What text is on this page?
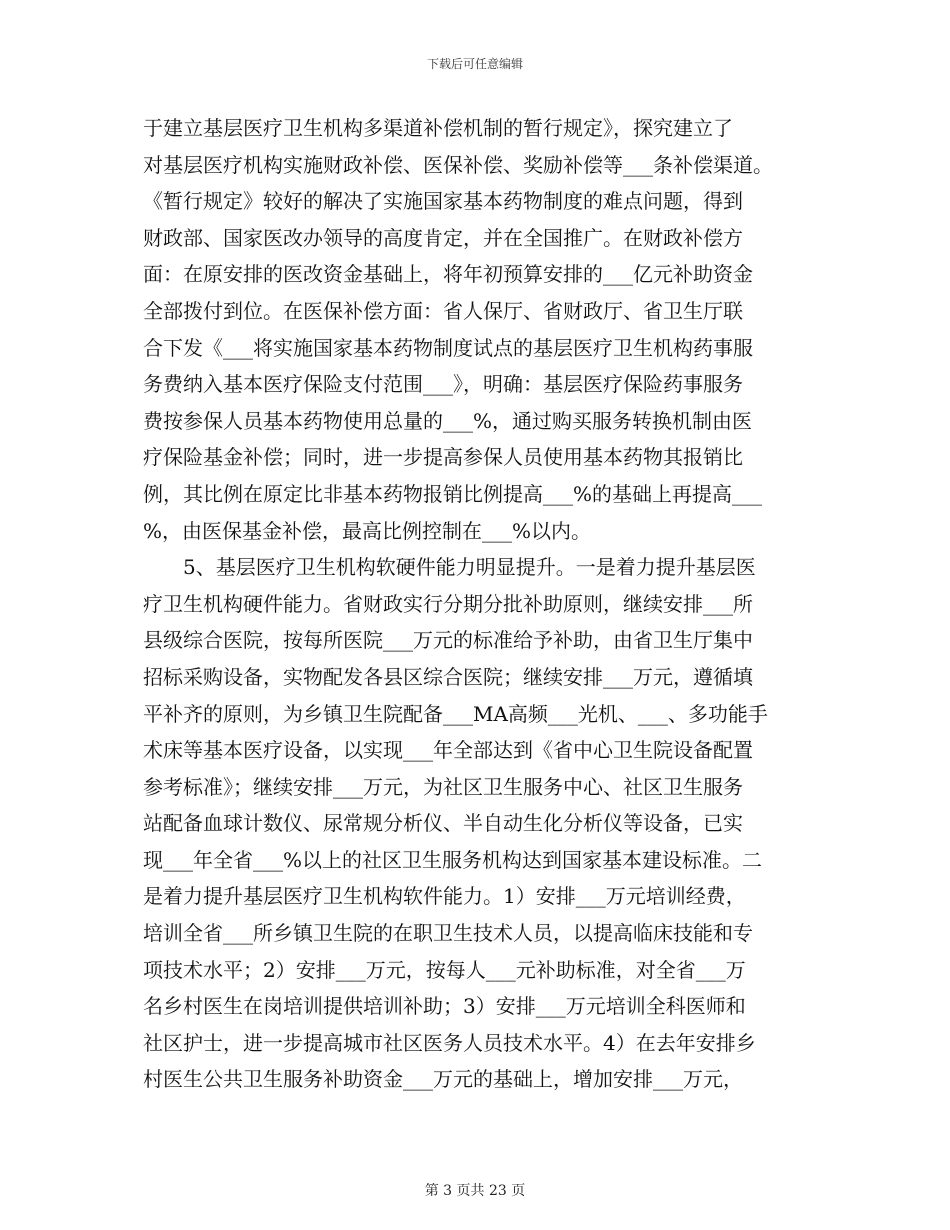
下载后可任意编辑
于建立基层医疗卫生机构多渠道补偿机制的暂行规定》，探究建立了
对基层医疗机构实施财政补偿、医保补偿、奖励补偿等___条补偿渠道。
《暂行规定》较好的解决了实施国家基本药物制度的难点问题，得到
财政部、国家医改办领导的高度肯定，并在全国推广。在财政补偿方
面：在原安排的医改资金基础上，将年初预算安排的___亿元补助资金
全部拨付到位。在医保补偿方面：省人保厅、省财政厅、省卫生厅联
合下发《___将实施国家基本药物制度试点的基层医疗卫生机构药事服
务费纳入基本医疗保险支付范围___》，明确：基层医疗保险药事服务
费按参保人员基本药物使用总量的___%，通过购买服务转换机制由医
疗保险基金补偿；同时，进一步提高参保人员使用基本药物其报销比
例，其比例在原定比非基本药物报销比例提高___%的基础上再提高___
%，由医保基金补偿，最高比例控制在___%以内。
　　5、基层医疗卫生机构软硬件能力明显提升。一是着力提升基层医
疗卫生机构硬件能力。省财政实行分期分批补助原则，继续安排___所
县级综合医院，按每所医院___万元的标准给予补助，由省卫生厅集中
招标采购设备，实物配发各县区综合医院；继续安排___万元，遵循填
平补齐的原则，为乡镇卫生院配备___MA高频___光机、___、多功能手
术床等基本医疗设备，以实现___年全部达到《省中心卫生院设备配置
参考标准》；继续安排___万元，为社区卫生服务中心、社区卫生服务
站配备血球计数仪、尿常规分析仪、半自动生化分析仪等设备，已实
现___年全省___%以上的社区卫生服务机构达到国家基本建设标准。二
是着力提升基层医疗卫生机构软件能力。1）安排___万元培训经费，
培训全省___所乡镇卫生院的在职卫生技术人员，以提高临床技能和专
项技术水平；2）安排___万元，按每人___元补助标准，对全省___万
名乡村医生在岗培训提供培训补助；3）安排___万元培训全科医师和
社区护士，进一步提高城市社区医务人员技术水平。4）在去年安排乡
村医生公共卫生服务补助资金___万元的基础上，增加安排___万元，
第 3 页共 23 页
